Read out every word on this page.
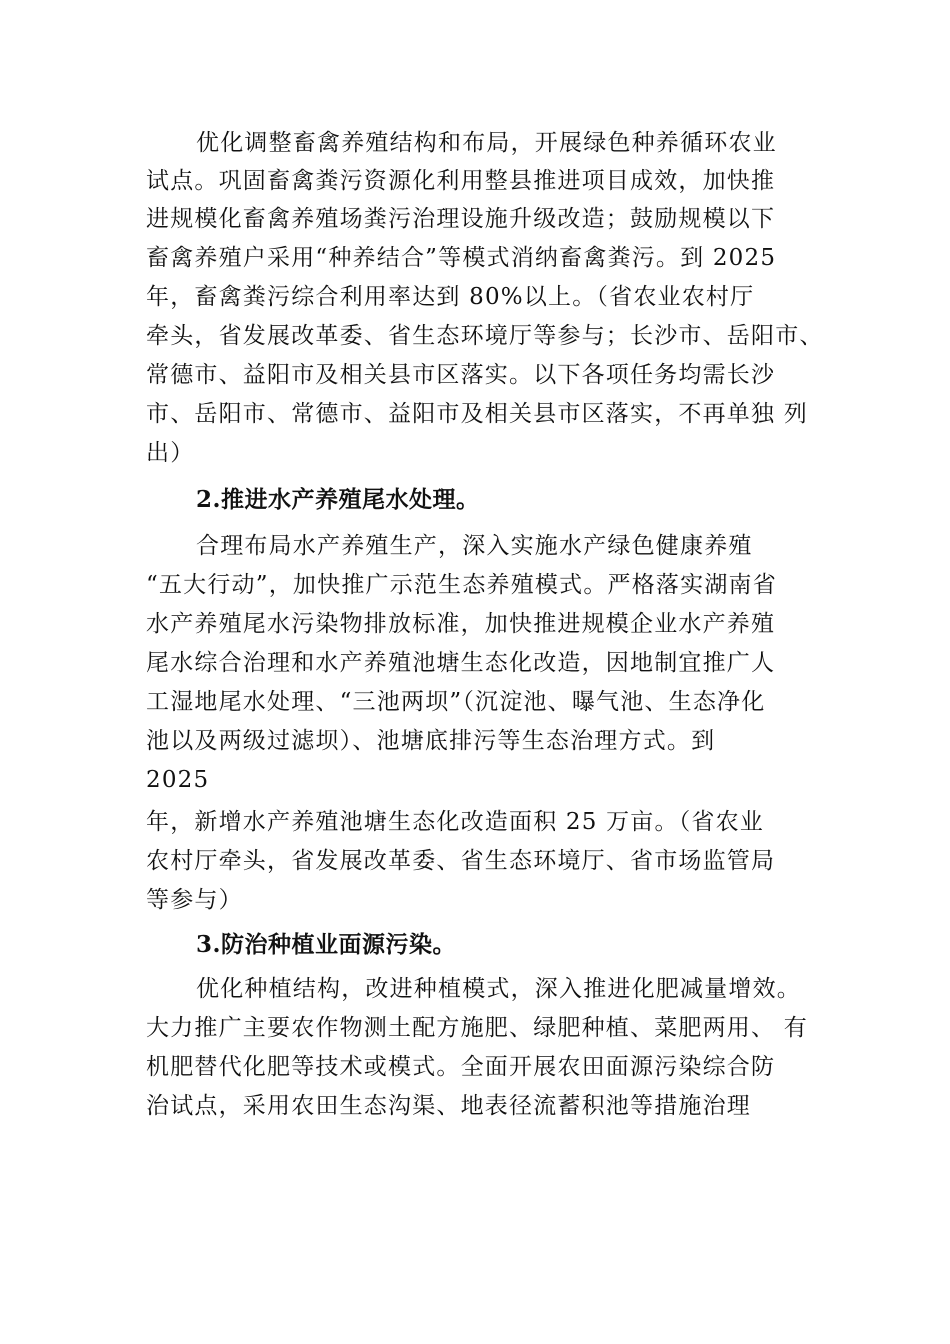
优化调整畜禽养殖结构和布局，开展绿色种养循环农业
试点。巩固畜禽粪污资源化利用整县推进项目成效，加快推
进规模化畜禽养殖场粪污治理设施升级改造；鼓励规模以下
畜禽养殖户采用“种养结合”等模式消纳畜禽粪污。到 2025
年，畜禽粪污综合利用率达到 80%以上。（省农业农村厅
牵头，省发展改革委、省生态环境厅等参与；长沙市、岳阳市、
常德市、益阳市及相关县市区落实。以下各项任务均需长沙
市、岳阳市、常德市、益阳市及相关县市区落实，不再单独 列
出）
2.推进水产养殖尾水处理。
合理布局水产养殖生产，深入实施水产绿色健康养殖
“五大行动”，加快推广示范生态养殖模式。严格落实湖南省
水产养殖尾水污染物排放标准，加快推进规模企业水产养殖
尾水综合治理和水产养殖池塘生态化改造，因地制宜推广人
工湿地尾水处理、“三池两坝”（沉淀池、曝气池、生态净化
池以及两级过滤坝）、池塘底排污等生态治理方式。到
2025
年，新增水产养殖池塘生态化改造面积 25 万亩。（省农业
农村厅牵头，省发展改革委、省生态环境厅、省市场监管局
等参与）
3.防治种植业面源污染。
优化种植结构，改进种植模式，深入推进化肥减量增效。
大力推广主要农作物测土配方施肥、绿肥种植、菜肥两用、 有
机肥替代化肥等技术或模式。全面开展农田面源污染综合防
治试点，采用农田生态沟渠、地表径流蓄积池等措施治理
